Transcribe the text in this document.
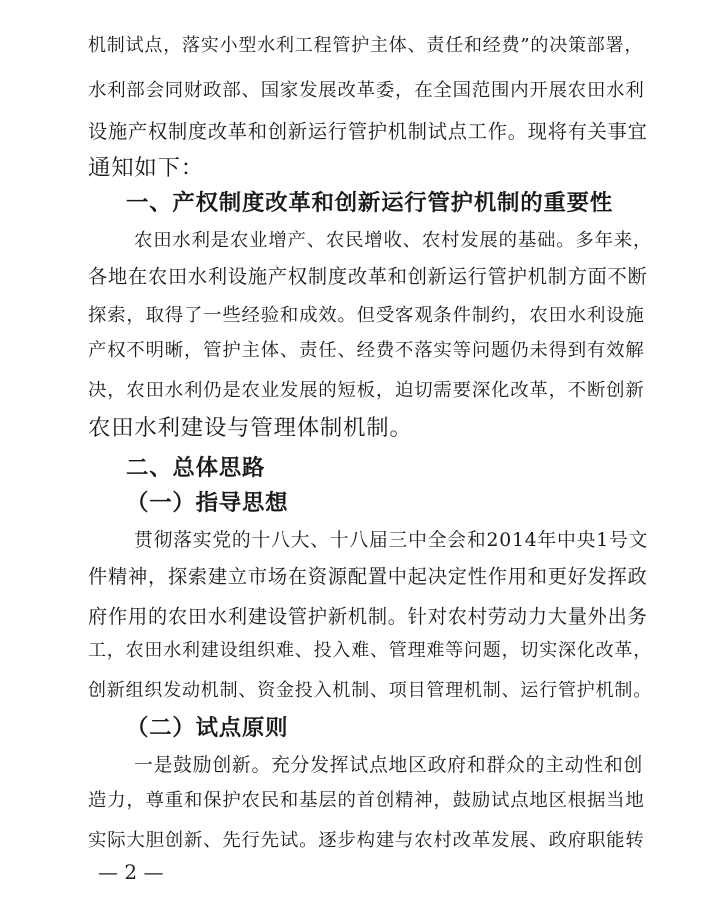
机制试点，落实小型水利工程管护主体、责任和经费”的决策部署，
水利部会同财政部、国家发展改革委，在全国范围内开展农田水利
设施产权制度改革和创新运行管护机制试点工作。现将有关事宜
通知如下：
一、产权制度改革和创新运行管护机制的重要性
农田水利是农业增产、农民增收、农村发展的基础。多年来，
各地在农田水利设施产权制度改革和创新运行管护机制方面不断
探索，取得了一些经验和成效。但受客观条件制约，农田水利设施
产权不明晰，管护主体、责任、经费不落实等问题仍未得到有效解
决，农田水利仍是农业发展的短板，迫切需要深化改革，不断创新
农田水利建设与管理体制机制。
二、总体思路
（一）指导思想
贯彻落实党的十八大、十八届三中全会和2014年中央1号文
件精神，探索建立市场在资源配置中起决定性作用和更好发挥政
府作用的农田水利建设管护新机制。针对农村劳动力大量外出务
工，农田水利建设组织难、投入难、管理难等问题，切实深化改革，
创新组织发动机制、资金投入机制、项目管理机制、运行管护机制。
（二）试点原则
一是鼓励创新。充分发挥试点地区政府和群众的主动性和创
造力，尊重和保护农民和基层的首创精神，鼓励试点地区根据当地
实际大胆创新、先行先试。逐步构建与农村改革发展、政府职能转
— 2 —
